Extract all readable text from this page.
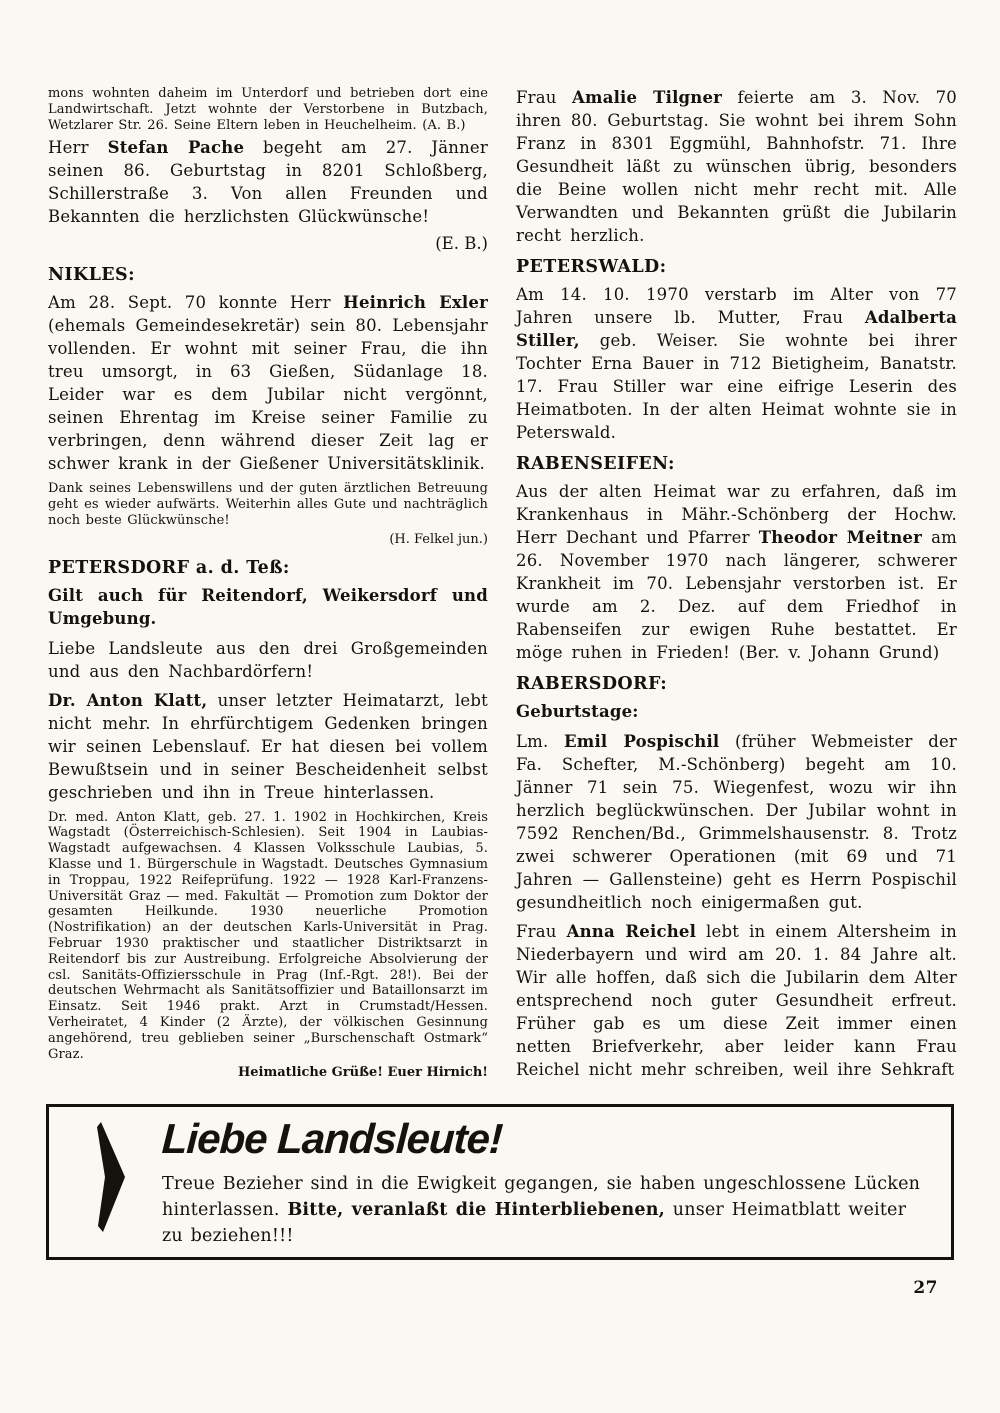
mons wohnten daheim im Unterdorf und betrieben dort eine Landwirtschaft. Jetzt wohnte der Verstorbene in Butzbach, Wetzlarer Str. 26. Seine Eltern leben in Heuchelheim. (A. B.)
Herr Stefan Pache begeht am 27. Jänner seinen 86. Geburtstag in 8201 Schloßberg, Schillerstraße 3. Von allen Freunden und Bekannten die herzlichsten Glückwünsche!
(E. B.)
NIKLES:
Am 28. Sept. 70 konnte Herr Heinrich Exler (ehemals Gemeindesekretär) sein 80. Lebensjahr vollenden. Er wohnt mit seiner Frau, die ihn treu umsorgt, in 63 Gießen, Südanlage 18. Leider war es dem Jubilar nicht vergönnt, seinen Ehrentag im Kreise seiner Familie zu verbringen, denn während dieser Zeit lag er schwer krank in der Gießener Universitätsklinik.
Dank seines Lebenswillens und der guten ärztlichen Betreuung geht es wieder aufwärts. Weiterhin alles Gute und nachträglich noch beste Glückwünsche!
(H. Felkel jun.)
PETERSDORF a. d. Teß:
Gilt auch für Reitendorf, Weikersdorf und Umgebung.
Liebe Landsleute aus den drei Großgemeinden und aus den Nachbardörfern!
Dr. Anton Klatt, unser letzter Heimatarzt, lebt nicht mehr. In ehrfürchtigem Gedenken bringen wir seinen Lebenslauf. Er hat diesen bei vollem Bewußtsein und in seiner Bescheidenheit selbst geschrieben und ihn in Treue hinterlassen.
Dr. med. Anton Klatt, geb. 27. 1. 1902 in Hochkirchen, Kreis Wagstadt (Österreichisch-Schlesien). Seit 1904 in Laubias-Wagstadt aufgewachsen. 4 Klassen Volksschule Laubias, 5. Klasse und 1. Bürgerschule in Wagstadt. Deutsches Gymnasium in Troppau, 1922 Reifeprüfung. 1922 — 1928 Karl-Franzens-Universität Graz — med. Fakultät — Promotion zum Doktor der gesamten Heilkunde. 1930 neuerliche Promotion (Nostrifikation) an der deutschen Karls-Universität in Prag. Februar 1930 praktischer und staatlicher Distriktsarzt in Reitendorf bis zur Austreibung. Erfolgreiche Absolvierung der csl. Sanitäts-Offiziersschule in Prag (Inf.-Rgt. 28!). Bei der deutschen Wehrmacht als Sanitätsoffizier und Bataillonsarzt im Einsatz. Seit 1946 prakt. Arzt in Crumstadt/Hessen. Verheiratet, 4 Kinder (2 Ärzte), der völkischen Gesinnung angehörend, treu geblieben seiner „Burschenschaft Ostmark“ Graz.
Heimatliche Grüße! Euer Hirnich!
Frau Amalie Tilgner feierte am 3. Nov. 70 ihren 80. Geburtstag. Sie wohnt bei ihrem Sohn Franz in 8301 Eggmühl, Bahnhofstr. 71. Ihre Gesundheit läßt zu wünschen übrig, besonders die Beine wollen nicht mehr recht mit. Alle Verwandten und Bekannten grüßt die Jubilarin recht herzlich.
PETERSWALD:
Am 14. 10. 1970 verstarb im Alter von 77 Jahren unsere lb. Mutter, Frau Adalberta Stiller, geb. Weiser. Sie wohnte bei ihrer Tochter Erna Bauer in 712 Bietigheim, Banatstr. 17. Frau Stiller war eine eifrige Leserin des Heimatboten. In der alten Heimat wohnte sie in Peterswald.
RABENSEIFEN:
Aus der alten Heimat war zu erfahren, daß im Krankenhaus in Mähr.-Schönberg der Hochw. Herr Dechant und Pfarrer Theodor Meitner am 26. November 1970 nach längerer, schwerer Krankheit im 70. Lebensjahr verstorben ist. Er wurde am 2. Dez. auf dem Friedhof in Rabenseifen zur ewigen Ruhe bestattet. Er möge ruhen in Frieden! (Ber. v. Johann Grund)
RABERSDORF:
Geburtstage:
Lm. Emil Pospischil (früher Webmeister der Fa. Schefter, M.-Schönberg) begeht am 10. Jänner 71 sein 75. Wiegenfest, wozu wir ihn herzlich beglückwünschen. Der Jubilar wohnt in 7592 Renchen/Bd., Grimmelshausenstr. 8. Trotz zwei schwerer Operationen (mit 69 und 71 Jahren — Gallensteine) geht es Herrn Pospischil gesundheitlich noch einigermaßen gut.
Frau Anna Reichel lebt in einem Altersheim in Niederbayern und wird am 20. 1. 84 Jahre alt. Wir alle hoffen, daß sich die Jubilarin dem Alter entsprechend noch guter Gesundheit erfreut. Früher gab es um diese Zeit immer einen netten Briefverkehr, aber leider kann Frau Reichel nicht mehr schreiben, weil ihre Sehkraft
Liebe Landsleute!
Treue Bezieher sind in die Ewigkeit gegangen, sie haben ungeschlossene Lücken hinterlassen. Bitte, veranlaßt die Hinterbliebenen, unser Heimatblatt weiter zu beziehen!!!
27
